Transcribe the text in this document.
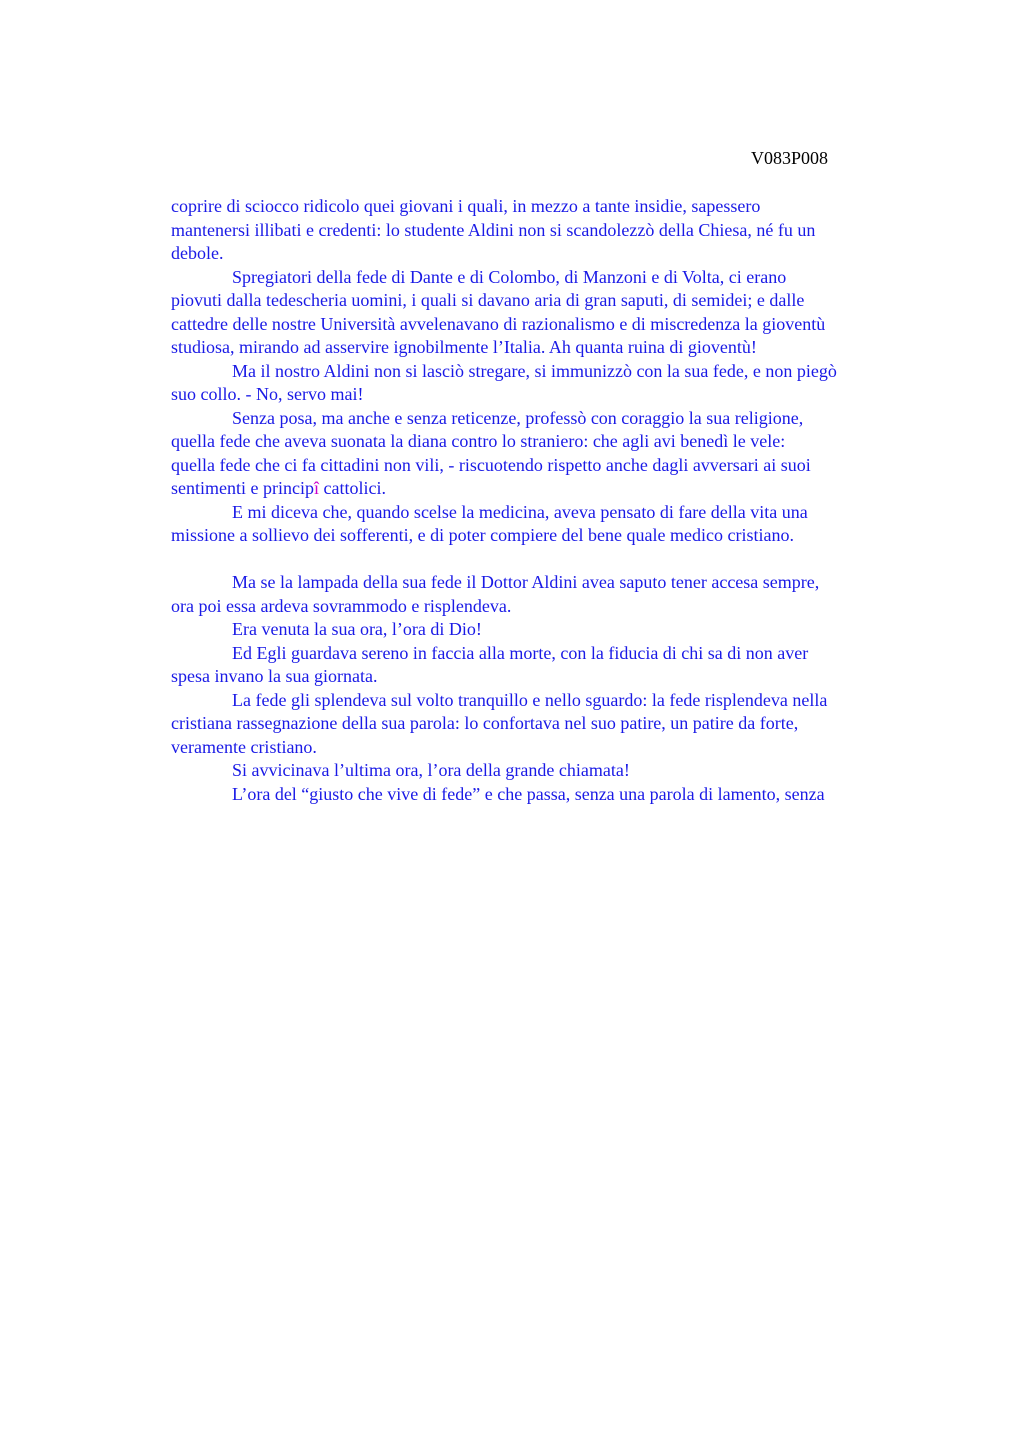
V083P008
coprire di sciocco ridicolo quei giovani i quali, in mezzo a tante insidie, sapessero
mantenersi illibati e credenti: lo studente Aldini non si scandolezzò della Chiesa, né fu un
debole.
Spregiatori della fede di Dante e di Colombo, di Manzoni e di Volta, ci erano
piovuti dalla tedescheria uomini, i quali si davano aria di gran saputi, di semidei; e dalle
cattedre delle nostre Università avvelenavano di razionalismo e di miscredenza la gioventù
studiosa, mirando ad asservire ignobilmente l’Italia. Ah quanta ruina di gioventù!
Ma il nostro Aldini non si lasciò stregare, si immunizzò con la sua fede, e non piegò
suo collo. - No, servo mai!
Senza posa, ma anche e senza reticenze, professò con coraggio la sua religione,
quella fede che aveva suonata la diana contro lo straniero: che agli avi benedì le vele:
quella fede che ci fa cittadini non vili, - riscuotendo rispetto anche dagli avversari ai suoi
sentimenti e principî cattolici.
E mi diceva che, quando scelse la medicina, aveva pensato di fare della vita una
missione a sollievo dei sofferenti, e di poter compiere del bene quale medico cristiano.
Ma se la lampada della sua fede il Dottor Aldini avea saputo tener accesa sempre,
ora poi essa ardeva sovrammodo e risplendeva.
Era venuta la sua ora, l’ora di Dio!
Ed Egli guardava sereno in faccia alla morte, con la fiducia di chi sa di non aver
spesa invano la sua giornata.
La fede gli splendeva sul volto tranquillo e nello sguardo: la fede risplendeva nella
cristiana rassegnazione della sua parola: lo confortava nel suo patire, un patire da forte,
veramente cristiano.
Si avvicinava l’ultima ora, l’ora della grande chiamata!
L’ora del “giusto che vive di fede” e che passa, senza una parola di lamento, senza
